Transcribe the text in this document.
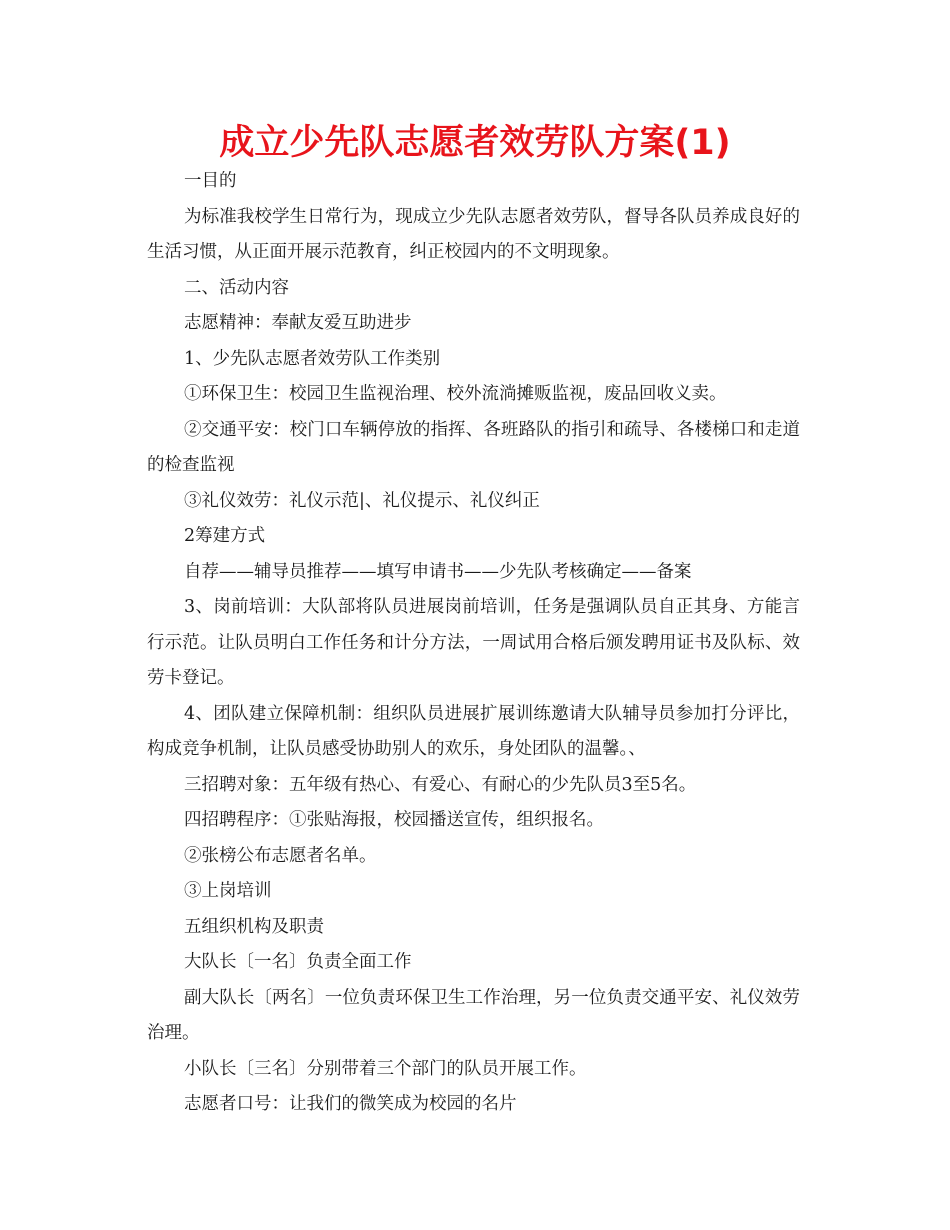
成立少先队志愿者效劳队方案(1)

一目的

为标准我校学生日常行为，现成立少先队志愿者效劳队，督导各队员养成良好的生活习惯，从正面开展示范教育，纠正校园内的不文明现象。

二、活动内容

志愿精神：奉献友爱互助进步

1、少先队志愿者效劳队工作类别

①环保卫生：校园卫生监视治理、校外流淌摊贩监视，废品回收义卖。

②交通平安：校门口车辆停放的指挥、各班路队的指引和疏导、各楼梯口和走道的检查监视

③礼仪效劳：礼仪示范|、礼仪提示、礼仪纠正

2筹建方式

自荐——辅导员推荐——填写申请书——少先队考核确定——备案

3、岗前培训：大队部将队员进展岗前培训，任务是强调队员自正其身、方能言行示范。让队员明白工作任务和计分方法，一周试用合格后颁发聘用证书及队标、效劳卡登记。

4、团队建立保障机制：组织队员进展扩展训练邀请大队辅导员参加打分评比，构成竞争机制，让队员感受协助别人的欢乐，身处团队的温馨。、

三招聘对象：五年级有热心、有爱心、有耐心的少先队员3至5名。

四招聘程序：①张贴海报，校园播送宣传，组织报名。

②张榜公布志愿者名单。

③上岗培训

五组织机构及职责

大队长〔一名〕负责全面工作

副大队长〔两名〕一位负责环保卫生工作治理，另一位负责交通平安、礼仪效劳治理。

小队长〔三名〕分别带着三个部门的队员开展工作。

志愿者口号：让我们的微笑成为校园的名片
